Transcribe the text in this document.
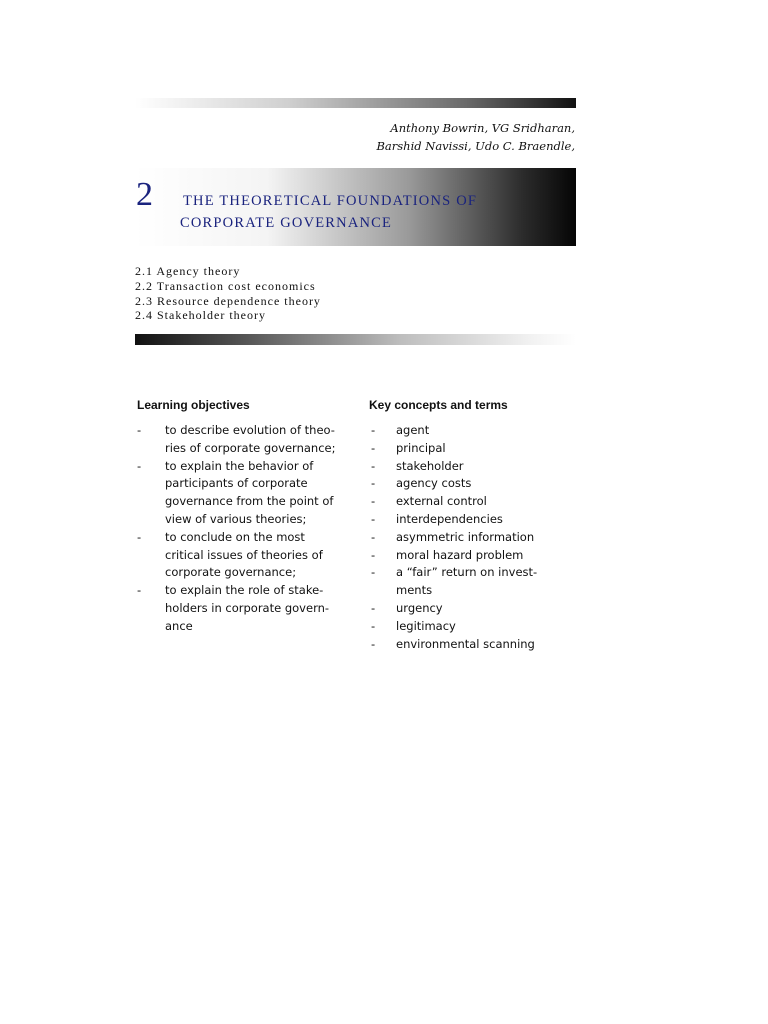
Anthony Bowrin, VG Sridharan,
Barshid Navissi, Udo C. Braendle,
2 THE THEORETICAL FOUNDATIONS OF
CORPORATE GOVERNANCE
2.1 Agency theory
2.2 Transaction cost economics
2.3 Resource dependence theory
2.4 Stakeholder theory
Learning objectives	Key concepts and terms
-	to describe evolution of theo-
ries of corporate governance;
-	to explain the behavior of
participants of corporate
governance from the point of
view of various theories;
-	to conclude on the most
critical issues of theories of
corporate governance;
-	to explain the role of stake-
holders in corporate govern-
ance
-	agent
-	principal
-	stakeholder
-	agency costs
-	external control
-	interdependencies
-	asymmetric information
-	moral hazard problem
-	a “fair” return on invest-
ments
-	urgency
-	legitimacy
-	environmental scanning
